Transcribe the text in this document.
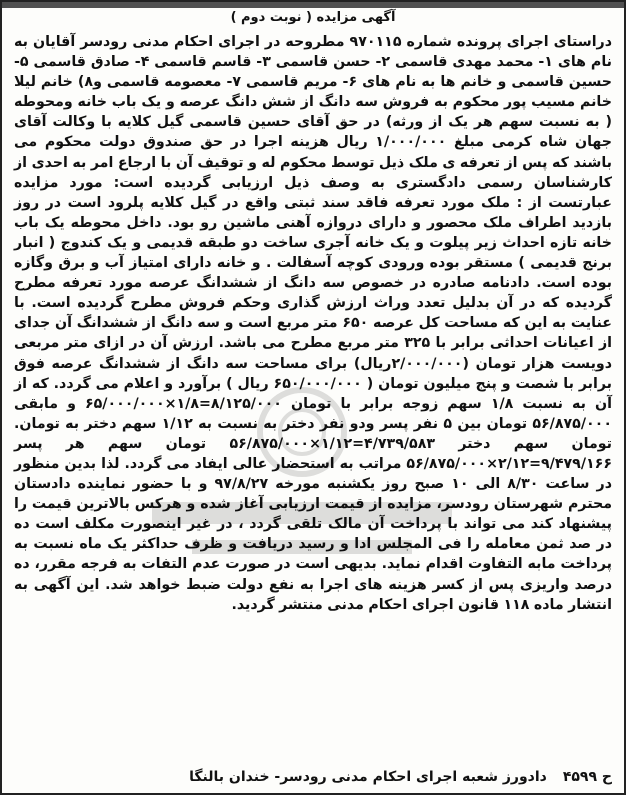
آگهی مزایده ( نوبت دوم )

دراستای اجرای پرونده شماره ۹۷۰۱۱۵ مطروحه در اجرای احکام مدنی رودسر آقایان به نام های ۱- محمد مهدی قاسمی ۲- حسن قاسمی ۳- قاسم قاسمی ۴- صادق قاسمی ۵- حسین قاسمی و خانم ها به نام های ۶- مریم قاسمی ۷- معصومه قاسمی و۸) خانم لیلا خانم مسیب پور محکوم به فروش سه دانگ از شش دانگ عرصه و یک باب خانه ومحوطه ( به نسبت سهم هر یک از ورثه) در حق آقای حسین قاسمی گیل کلایه با وکالت آقای جهان شاه کرمی مبلغ ۱/۰۰۰/۰۰۰ ریال هزینه اجرا در حق صندوق دولت محکوم می باشند که پس از تعرفه ی ملک ذیل توسط محکوم له و توقیف آن با ارجاع امر به احدی از کارشناسان رسمی دادگستری به وصف ذیل ارزیابی گردیده است: مورد مزایده عبارتست از : ملک مورد تعرفه فاقد سند ثبتی واقع در گیل کلایه پلرود است در روز بازدید اطراف ملک محصور و دارای دروازه آهنی ماشین رو بود. داخل محوطه یک باب خانه تازه احداث زیر پیلوت و یک خانه آجری ساخت دو طبقه قدیمی و یک کندوج ( انبار برنج قدیمی ) مستقر بوده ورودی کوچه آسفالت . و خانه دارای امتیاز آب و برق وگازه بوده است. دادنامه صادره در خصوص سه دانگ از ششدانگ عرصه مورد تعرفه مطرح گردیده که در آن بدلیل تعدد وراث ارزش گذاری وحکم فروش مطرح گردیده است. با عنایت به این که مساحت کل عرصه ۶۵۰ متر مربع است و سه دانگ از ششدانگ آن جدای از اعیانات احداثی برابر با ۳۲۵ متر مربع مطرح می باشد. ارزش آن در ازای متر مربعی دویست هزار تومان (۲/۰۰۰/۰۰۰ریال) برای مساحت سه دانگ از ششدانگ عرصه فوق برابر با شصت و پنج میلیون تومان ( ۶۵۰/۰۰۰/۰۰۰ ریال ) برآورد و اعلام می گردد. که از آن به نسبت ۱/۸ سهم زوجه برابر با تومان ۸/۱۲۵/۰۰۰=۱/۸×۶۵/۰۰۰/۰۰۰ و مابقی ۵۶/۸۷۵/۰۰۰ تومان بین ۵ نفر پسر ودو نفر دختر به نسبت به ۱/۱۲ سهم دختر به تومان. تومان سهم دختر ۴/۷۳۹/۵۸۳=۱/۱۲×۵۶/۸۷۵/۰۰۰ تومان سهم هر پسر ۹/۴۷۹/۱۶۶=۲/۱۲×۵۶/۸۷۵/۰۰۰ مراتب به استحضار عالی ایفاد می گردد. لذا بدین منظور در ساعت ۸/۳۰ الی ۱۰ صبح روز یکشنبه مورخه ۹۷/۸/۲۷ و با حضور نماینده دادستان محترم شهرستان رودسر، مزایده از قیمت ارزیابی آغاز شده و هرکس بالاترین قیمت را پیشنهاد کند می تواند با پرداخت آن مالک تلقی گردد ، در غیر اینصورت مکلف است ده در صد ثمن معامله را فی المجلس ادا و رسید دریافت و ظرف حداکثر یک ماه نسبت به پرداخت مابه التفاوت اقدام نماید. بدیهی است در صورت عدم التفات به فرجه مقرر، ده درصد واریزی پس از کسر هزینه های اجرا به نفع دولت ضبط خواهد شد. این آگهی به انتشار ماده ۱۱۸ قانون اجرای احکام مدنی منتشر گردید.

ح ۴۵۹۹
دادورز شعبه اجرای احکام مدنی رودسر- خندان بالنگا
